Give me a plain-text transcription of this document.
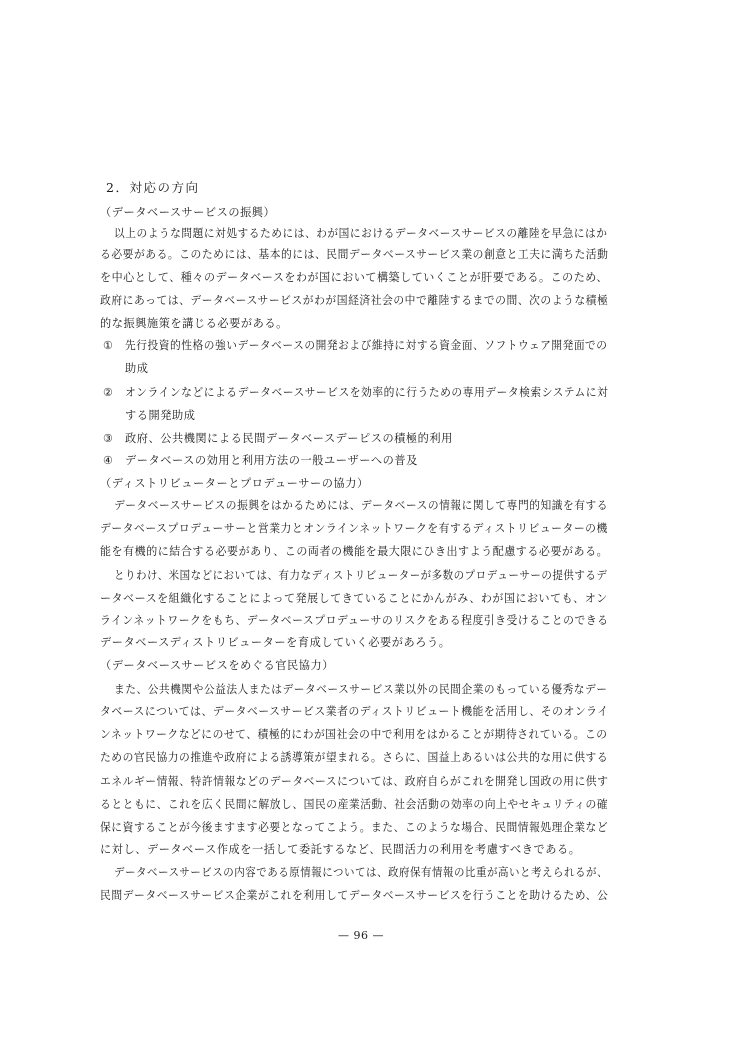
2．対応の方向
（データベースサービスの振興）
以上のような問題に対処するためには、わが国におけるデータベースサービスの離陸を早急にはか
る必要がある。このためには、基本的には、民間データベースサービス業の創意と工夫に満ちた活動
を中心として、種々のデータベースをわが国において構築していくことが肝要である。このため、
政府にあっては、データベースサービスがわが国経済社会の中で離陸するまでの間、次のような積極
的な振興施策を講じる必要がある。
① 先行投資的性格の強いデータベースの開発および維持に対する資金面、ソフトウェア開発面での
助成
② オンラインなどによるデータベースサービスを効率的に行うための専用データ検索システムに対
する開発助成
③ 政府、公共機関による民間データベースデーピスの積極的利用
④ データベースの効用と利用方法の一般ユーザーへの普及
（ディストリビューターとプロデューサーの協力）
データベースサービスの振興をはかるためには、データベースの情報に関して専門的知識を有する
データベースプロデューサーと営業力とオンラインネットワークを有するディストリビューターの機
能を有機的に結合する必要があり、この両者の機能を最大限にひき出すよう配慮する必要がある。
とりわけ、米国などにおいては、有力なディストリビューターが多数のプロデューサーの提供するデ
ータベースを組織化することによって発展してきていることにかんがみ、わが国においても、オン
ラインネットワークをもち、データベースプロデューサのリスクをある程度引き受けることのできる
データベースディストリビューターを育成していく必要があろう。
（データベースサービスをめぐる官民協力）
また、公共機関や公益法人またはデータベースサービス業以外の民間企業のもっている優秀なデー
タベースについては、データベースサービス業者のディストリビュート機能を活用し、そのオンライ
ンネットワークなどにのせて、積極的にわが国社会の中で利用をはかることが期待されている。この
ための官民協力の推進や政府による誘導策が望まれる。さらに、国益上あるいは公共的な用に供する
エネルギー情報、特許情報などのデータベースについては、政府自らがこれを開発し国政の用に供す
るとともに、これを広く民間に解放し、国民の産業活動、社会活動の効率の向上やセキュリティの確
保に資することが今後ますます必要となってこよう。また、このような場合、民間情報処理企業など
に対し、データベース作成を一括して委託するなど、民間活力の利用を考慮すべきである。
データベースサービスの内容である原情報については、政府保有情報の比重が高いと考えられるが、
民間データベースサービス企業がこれを利用してデータベースサービスを行うことを助けるため、公
— 96 —
